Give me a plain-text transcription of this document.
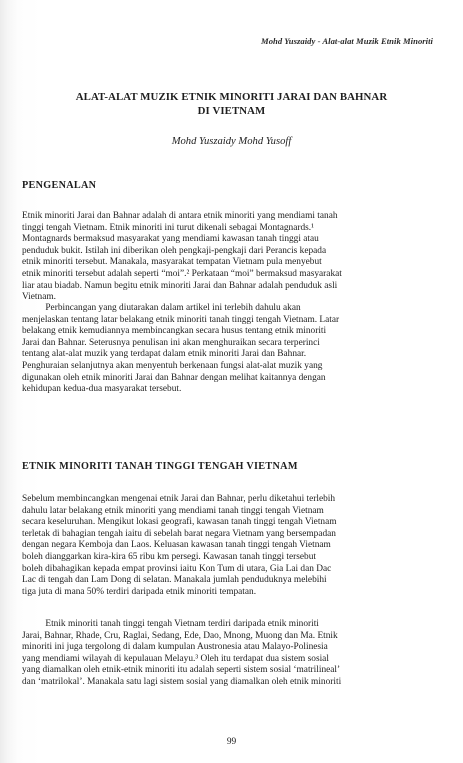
Mohd Yuszaidy - Alat-alat Muzik Etnik Minoriti
ALAT-ALAT MUZIK ETNIK MINORITI JARAI DAN BAHNAR
DI VIETNAM
Mohd Yuszaidy Mohd Yusoff
PENGENALAN
Etnik minoriti Jarai dan Bahnar adalah di antara etnik minoriti yang mendiami tanah
tinggi tengah Vietnam. Etnik minoriti ini turut dikenali sebagai Montagnards.¹
Montagnards bermaksud masyarakat yang mendiami kawasan tanah tinggi atau
penduduk bukit. Istilah ini diberikan oleh pengkaji-pengkaji dari Perancis kepada
etnik minoriti tersebut. Manakala, masyarakat tempatan Vietnam pula menyebut
etnik minoriti tersebut adalah seperti “moi”.² Perkataan “moi” bermaksud masyarakat
liar atau biadab. Namun begitu etnik minoriti Jarai dan Bahnar adalah penduduk asli
Vietnam.
Perbincangan yang diutarakan dalam artikel ini terlebih dahulu akan
menjelaskan tentang latar belakang etnik minoriti tanah tinggi tengah Vietnam. Latar
belakang etnik kemudiannya membincangkan secara husus tentang etnik minoriti
Jarai dan Bahnar. Seterusnya penulisan ini akan menghuraikan secara terperinci
tentang alat-alat muzik yang terdapat dalam etnik minoriti Jarai dan Bahnar.
Penghuraian selanjutnya akan menyentuh berkenaan fungsi alat-alat muzik yang
digunakan oleh etnik minoriti Jarai dan Bahnar dengan melihat kaitannya dengan
kehidupan kedua-dua masyarakat tersebut.
ETNIK MINORITI TANAH TINGGI TENGAH VIETNAM
Sebelum membincangkan mengenai etnik Jarai dan Bahnar, perlu diketahui terlebih
dahulu latar belakang etnik minoriti yang mendiami tanah tinggi tengah Vietnam
secara keseluruhan. Mengikut lokasi geografi, kawasan tanah tinggi tengah Vietnam
terletak di bahagian tengah iaitu di sebelah barat negara Vietnam yang bersempadan
dengan negara Kemboja dan Laos. Keluasan kawasan tanah tinggi tengah Vietnam
boleh dianggarkan kira-kira 65 ribu km persegi. Kawasan tanah tinggi tersebut
boleh dibahagikan kepada empat provinsi iaitu Kon Tum di utara, Gia Lai dan Dac
Lac di tengah dan Lam Dong di selatan. Manakala jumlah penduduknya melebihi
tiga juta di mana 50% terdiri daripada etnik minoriti tempatan.
Etnik minoriti tanah tinggi tengah Vietnam terdiri daripada etnik minoriti
Jarai, Bahnar, Rhade, Cru, Raglai, Sedang, Ede, Dao, Mnong, Muong dan Ma. Etnik
minoriti ini juga tergolong di dalam kumpulan Austronesia atau Malayo-Polinesia
yang mendiami wilayah di kepulauan Melayu.³ Oleh itu terdapat dua sistem sosial
yang diamalkan oleh etnik-etnik minoriti itu adalah seperti sistem sosial ‘matrilineal’
dan ‘matrilokal’. Manakala satu lagi sistem sosial yang diamalkan oleh etnik minoriti
99
